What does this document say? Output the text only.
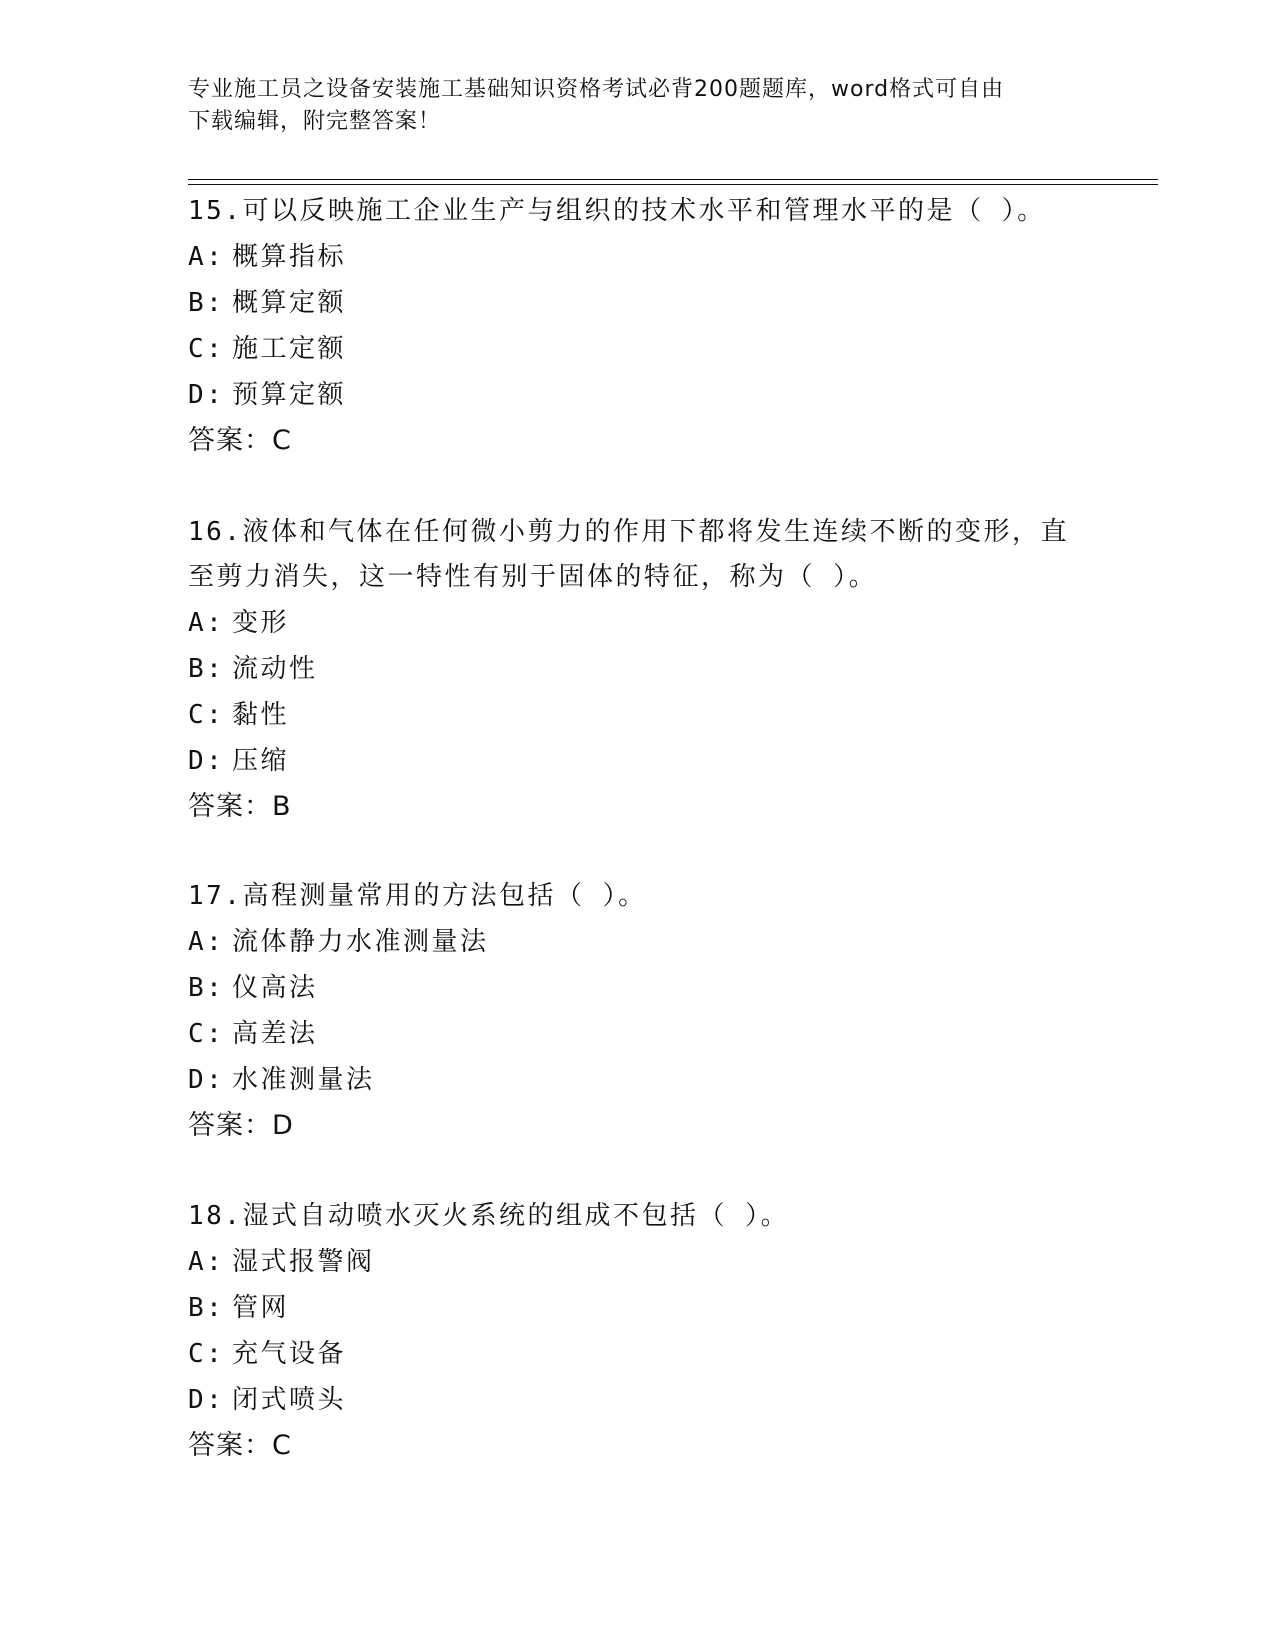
专业施工员之设备安装施工基础知识资格考试必背200题题库，word格式可自由
下载编辑，附完整答案！
15.可以反映施工企业生产与组织的技术水平和管理水平的是（ ）。
A: 概算指标
B: 概算定额
C: 施工定额
D: 预算定额
答案：C
16.液体和气体在任何微小剪力的作用下都将发生连续不断的变形，直
至剪力消失，这一特性有别于固体的特征，称为（ ）。
A: 变形
B: 流动性
C: 黏性
D: 压缩
答案：B
17.高程测量常用的方法包括（ ）。
A: 流体静力水准测量法
B: 仪高法
C: 高差法
D: 水准测量法
答案：D
18.湿式自动喷水灭火系统的组成不包括（ ）。
A: 湿式报警阀
B: 管网
C: 充气设备
D: 闭式喷头
答案：C
